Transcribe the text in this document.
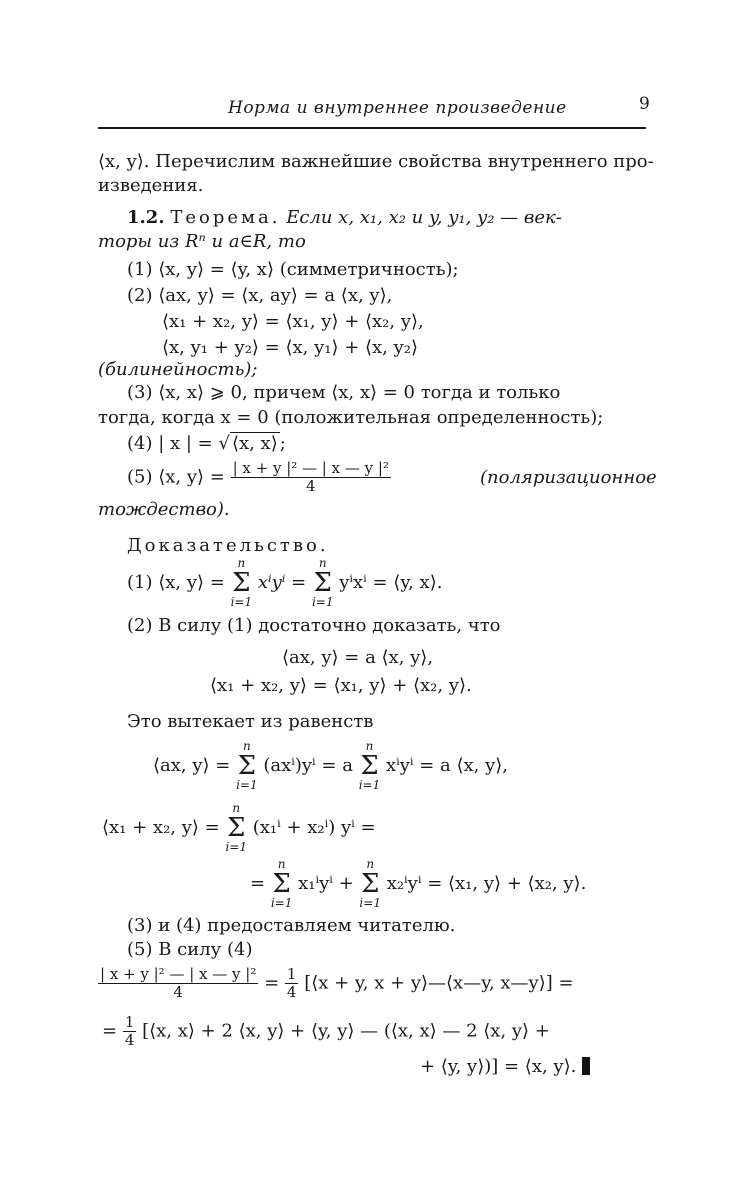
Норма и внутреннее произведение	9
⟨x, y⟩. Перечислим важнейшие свойства внутреннего про-
изведения.
1.2. Теорема. Если x, x₁, x₂ и y, y₁, y₂ — век-
торы из Rⁿ и a∈R, то
(1) ⟨x, y⟩ = ⟨y, x⟩ (симметричность);
(2) ⟨ax, y⟩ = ⟨x, ay⟩ = a ⟨x, y⟩,
⟨x₁ + x₂, y⟩ = ⟨x₁, y⟩ + ⟨x₂, y⟩,
⟨x, y₁ + y₂⟩ = ⟨x, y₁⟩ + ⟨x, y₂⟩
(билинейность);
(3) ⟨x, x⟩ ⩾ 0, причем ⟨x, x⟩ = 0 тогда и только
тогда, когда x = 0 (положительная определенность);
(4) | x | = √ ⟨x, x⟩ ;
(5) ⟨x, y⟩ = $\frac{\text{| x + y |² — | x — y |²}}{4}$	(поляризационное
тождество).
Доказательство.
(1) ⟨x, y⟩ =
n
Σ
i=1
xⁱyⁱ =
n
Σ
i=1
yⁱxⁱ = ⟨y, x⟩.
(2) В силу (1) достаточно доказать, что
⟨ax, y⟩ = a ⟨x, y⟩,
⟨x₁ + x₂, y⟩ = ⟨x₁, y⟩ + ⟨x₂, y⟩.
Это вытекает из равенств
⟨ax, y⟩ =
n
Σ
i=1
(axⁱ)yⁱ = a
n
Σ
i=1
xⁱyⁱ = a ⟨x, y⟩,
⟨x₁ + x₂, y⟩ =
n
Σ
i=1
(x₁ⁱ + x₂ⁱ) yⁱ =
=
n
Σ
i=1
x₁ⁱyⁱ +
n
Σ
i=1
x₂ⁱyⁱ = ⟨x₁, y⟩ + ⟨x₂, y⟩.
(3) и (4) предоставляем читателю.
(5) В силу (4)
$\frac{\text{| x + y |² — | x — y |²}}{4} = \frac{1}{4}$ [⟨x + y, x + y⟩—⟨x—y, x—y⟩] =
= $\frac{1}{4}$ [⟨x, x⟩ + 2 ⟨x, y⟩ + ⟨y, y⟩ — (⟨x, x⟩ — 2 ⟨x, y⟩ +
+ ⟨y, y⟩)] = ⟨x, y⟩.
